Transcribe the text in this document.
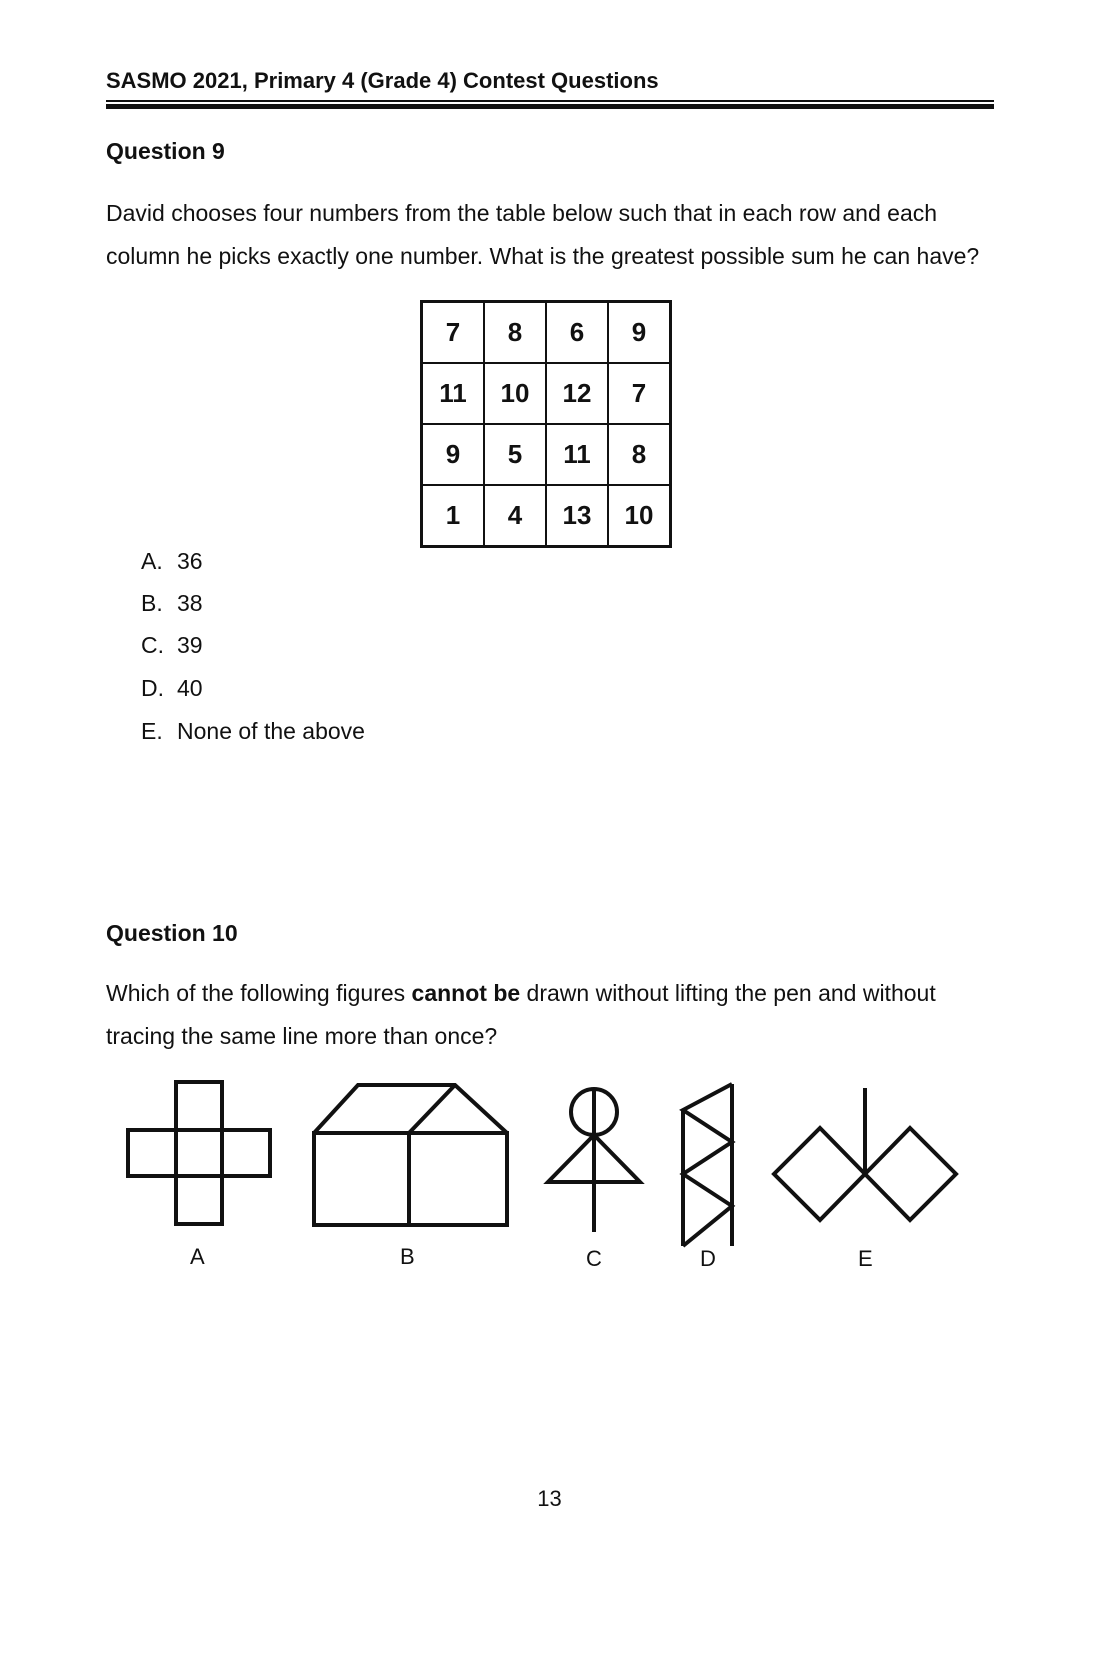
SASMO 2021, Primary 4 (Grade 4) Contest Questions
Question 9
David chooses four numbers from the table below such that in each row and each
column he picks exactly one number. What is the greatest possible sum he can have?
7	8	6	9
11	10	12	7
9	5	11	8
1	4	13	10
A. 36
B. 38
C. 39
D. 40
E. None of the above
Question 10
Which of the following figures cannot be drawn without lifting the pen and without
tracing the same line more than once?
A	B	C	D	E
13
